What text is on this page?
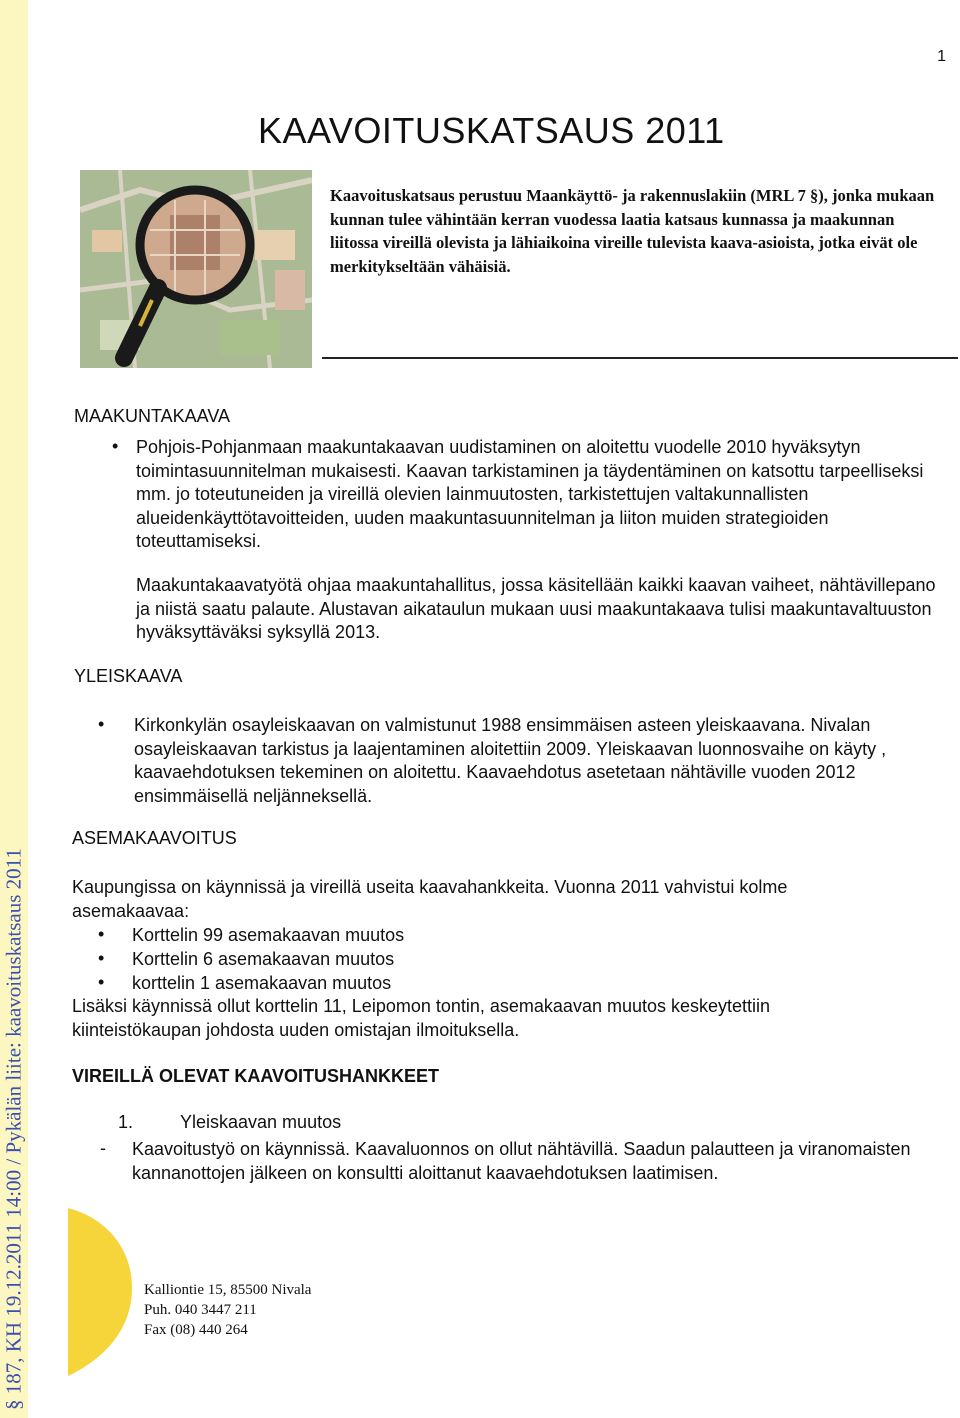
§ 187, KH 19.12.2011 14:00 / Pykälän liite: kaavoituskatsaus 2011
1
KAAVOITUSKATSAUS 2011

Kaavoituskatsaus perustuu Maankäyttö- ja rakennuslakiin (MRL 7 §), jonka mukaan kunnan tulee vähintään kerran vuodessa laatia katsaus kunnassa ja maakunnan liitossa vireillä olevista ja lähiaikoina vireille tulevista kaava-asioista, jotka eivät ole merkitykseltään vähäisiä.

MAAKUNTAKAAVA
• Pohjois-Pohjanmaan maakuntakaavan uudistaminen on aloitettu vuodelle 2010 hyväksytyn toimintasuunnitelman mukaisesti. Kaavan tarkistaminen ja täydentäminen on katsottu tarpeelliseksi mm. jo toteutuneiden ja vireillä olevien lainmuutosten, tarkistettujen valtakunnallisten alueidenkäyttötavoitteiden, uuden maakuntasuunnitelman ja liiton muiden strategioiden toteuttamiseksi.

Maakuntakaavatyötä ohjaa maakuntahallitus, jossa käsitellään kaikki kaavan vaiheet, nähtävillepano ja niistä saatu palaute. Alustavan aikataulun mukaan uusi maakuntakaava tulisi maakuntavaltuuston hyväksyttäväksi syksyllä 2013.

YLEISKAAVA
• Kirkonkylän osayleiskaavan on valmistunut 1988 ensimmäisen asteen yleiskaavana. Nivalan osayleiskaavan tarkistus ja laajentaminen aloitettiin 2009. Yleiskaavan luonnosvaihe on käyty , kaavaehdotuksen tekeminen on aloitettu. Kaavaehdotus asetetaan nähtäville vuoden 2012 ensimmäisellä neljänneksellä.

ASEMAKAAVOITUS

Kaupungissa on käynnissä ja vireillä useita kaavahankkeita. Vuonna 2011 vahvistui kolme asemakaavaa:

• Korttelin 99 asemakaavan muutos
• Korttelin 6 asemakaavan muutos
• korttelin 1 asemakaavan muutos

Lisäksi käynnissä ollut korttelin 11, Leipomon tontin, asemakaavan muutos keskeytettiin kiinteistökaupan johdosta uuden omistajan ilmoituksella.

VIREILLÄ OLEVAT KAAVOITUSHANKKEET
1.	Yleiskaavan muutos
- Kaavoitustyö on käynnissä. Kaavaluonnos on ollut nähtävillä. Saadun palautteen ja viranomaisten kannanottojen jälkeen on konsultti aloittanut kaavaehdotuksen laatimisen.

Kalliontie 15, 85500 Nivala
Puh. 040 3447 211
Fax (08) 440 264
